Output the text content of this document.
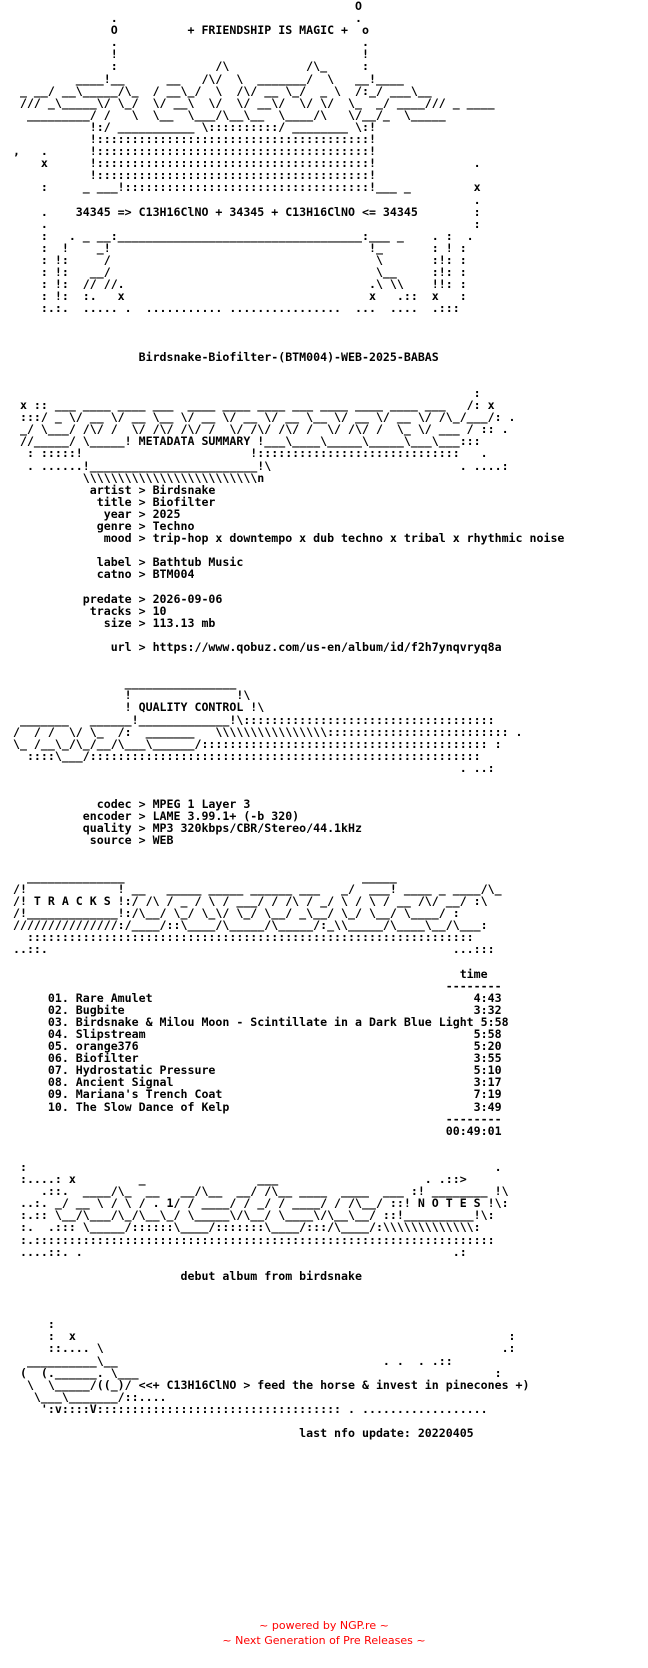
O
.                                  .
O          + FRIENDSHIP IS MAGIC +  o
.                                   .
!                                   !
:              /\           /\_     :
____!__      __   /\/  \  _______/  \   __!____
_ __/ __\_____/\_  / __\_/  \  /\/ __ \_/  _ \  /:_/ ___\__
/// _\_____\/ \_/  \/ __\  \/  \/ __\/  \/ \/  \_  _/ ____/// _ ____
_________/ /   \  \__  \___/\__\__  \____/\   \/__/_  \_____
!:/ ___________ \::::::::::/ ________ \:!
!:::::::::::::::::::::::::::::::::::::::!
,   .      !:::::::::::::::::::::::::::::::::::::::!
x      !:::::::::::::::::::::::::::::::::::::::!              .
!:::::::::::::::::::::::::::::::::::::::!
:     _ ___!:::::::::::::::::::::::::::::::::::!___ _         x
.
.    34345 => C13H16ClNO + 34345 + C13H16ClNO <= 34345        :
.                                                             :
:   . _ __:___________________________________:___ _    . :  .
:  !    _!                                     !_       : ! :
: !:     /                                      \       :!: :
: !:   __/                                      \__     :!: :
: !:  // //.                                   .\ \\    !!: :
: !:  :.   x                                   x   .::  x   :
:.:.  ..... .  ........... ................  ...  ....  .:::

Birdsnake-Biofilter-(BTM004)-WEB-2025-BABAS

:
x :: ___ ____ ____ ___  ____ ____ ____ ___ ____ ____ ____ ___   /: x
:::/ _ \/ __ \/ __ \__ \/ __ \/ __ \/ __ \__ \/ __ \/ __ \/ /\_/___/: .
_/ \___/ /\/ /  \/ /\/ /\/ /  \/ /\/ /\/ /  \/ /\/ /  \_ \/ ___ / :: .
//_____/ \_____! METADATA SUMMARY !___\____\_____\_____\___\___:::
: :::::!                        !:::::::::::::::::::::::::::::   .
. ......!________________________!\                           . ....:
\\\\\\\\\\\\\\\\\\\\\\\\\n
artist > Birdsnake
title > Biofilter
year > 2025
genre > Techno
mood > trip-hop x downtempo x dub techno x tribal x rhythmic noise

label > Bathtub Music
catno > BTM004

predate > 2026-09-06
tracks > 10
size > 113.13 mb

url > https://www.qobuz.com/us-en/album/id/f2h7ynqvryq8a

________________
!               !\
! QUALITY CONTROL !\
_______   ______!_____________!\::::::::::::::::::::::::::::::::::::
/  / /  \/ \_  /:  _______   \\\\\\\\\\\\\\\\:::::::::::::::::::::::::: .
\_ /__\_/\_/__/\___\______/::::::::::::::::::::::::::::::::::::::::: :
::::\___/::::::::::::::::::::::::::::::::::::::::::::::::::::::::
. ..:

codec > MPEG 1 Layer 3
encoder > LAME 3.99.1+ (-b 320)
quality > MP3 320kbps/CBR/Stereo/44.1kHz
source > WEB

______________                                  _____
/!             ! __   _____ _____ ______ ___   _/  ___! ____ _ ____/\_
/! T R A C K S !:/ /\ / _ / \ / ___/ / /\ / _/ \ / \ / __ /\/ __/ :\
/!_____________!:/\__/ \_/ \_\/ \_/ \__/ _\__/ \_/ \__/ \____/ :
///////////////:/____/::\____/\_____/\_____/:_\\_____/\____\__/\___:
::::::::::::::::::::::::::::::::::::::::::::::::::::::::::::::::
..::.                                                          ...:::

time
--------
01. Rare Amulet                                              4:43
02. Bugbite                                                  3:32
03. Birdsnake & Milou Moon - Scintillate in a Dark Blue Light 5:58
04. Slipstream                                               5:58
05. orange376                                                5:20
06. Biofilter                                                3:55
07. Hydrostatic Pressure                                     5:10
08. Ancient Signal                                           3:17
09. Mariana's Trench Coat                                    7:19
10. The Slow Dance of Kelp                                   3:49
--------
00:49:01

:                                                                   .
:....: x         _                ___                     . .::>
.::.  ____/\_  __   __/\__  __/ /\__ ____  ____  ___ :! ________ !\
..:. _/ __ \ / \ / . 1/ / ____/ / _/ / ____/ / /\__/ ::! N O T E S !\:
:.:: \__/\___/\_/\__\_/ \_____\/\__/ \____\/\__\__/ ::!__________!\:
:.  .::: \_____/::::::\____/:::::::\____/:::/\____/:\\\\\\\\\\\\\:
:.::::::::::::::::::::::::::::::::::::::::::::::::::::::::::::::::::
....::. .                                                     .:

debut album from birdsnake

:
:  x                                                              :
::.... \                                                         .:
__________\__                                      . .  . .::
(  (.______. \___                                                   :
\  \_____/((_)/ <<+ C13H16ClNO > feed the horse & invest in pinecones +)
\___\_______/::....
':v::::V::::::::::::::::::::::::::::::::::: . ..................

last nfo update: 20220405
~ powered by NGP.re ~
~ Next Generation of Pre Releases ~
